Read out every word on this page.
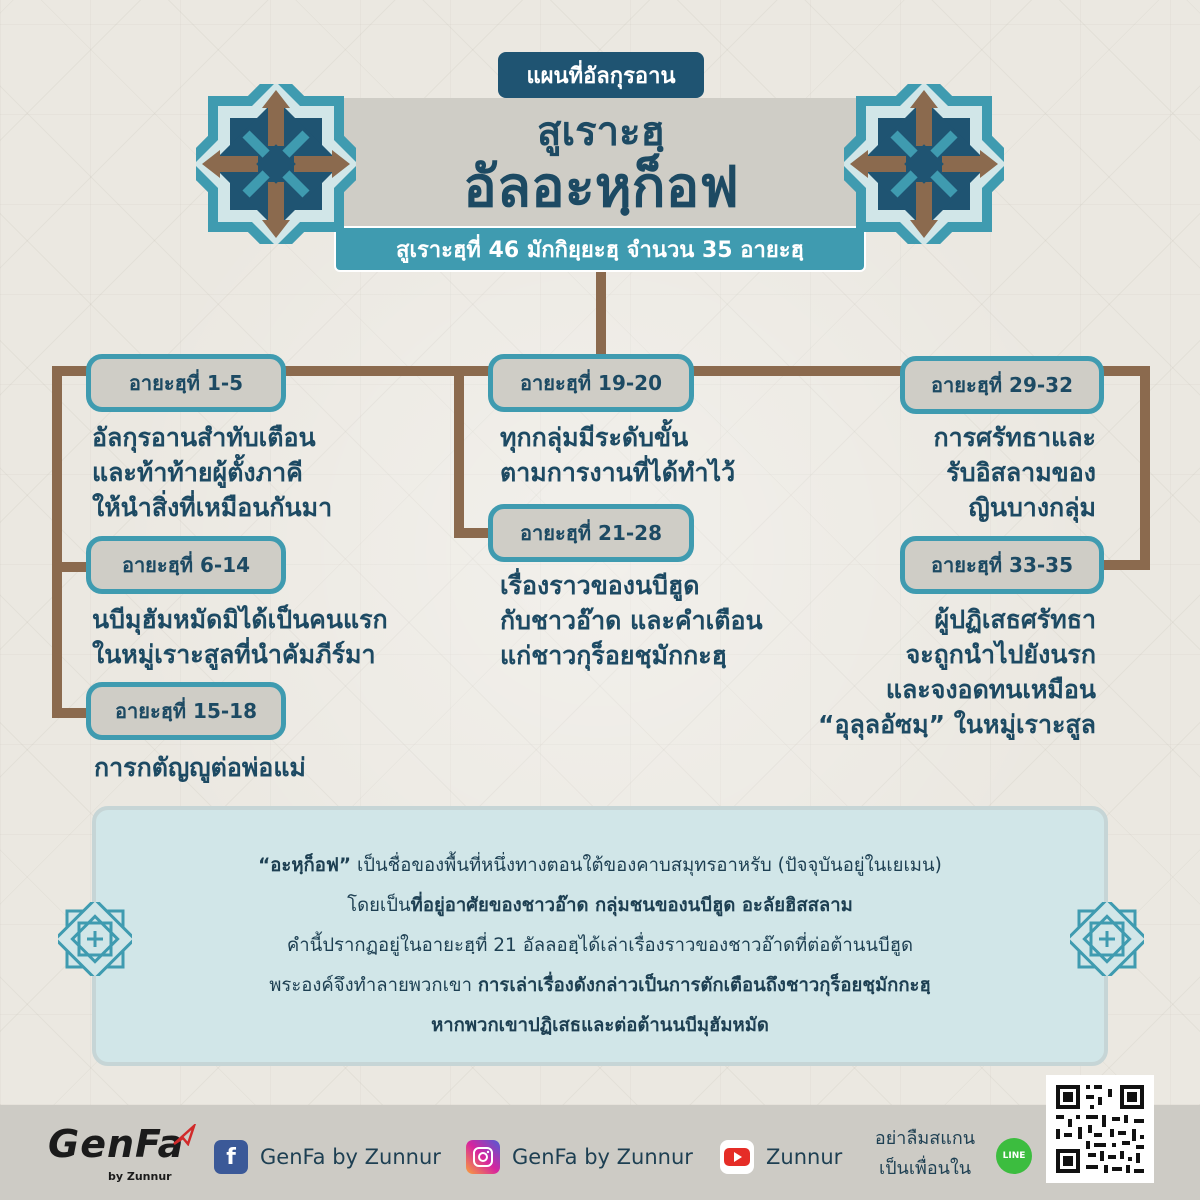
สูเราะฮฺ
อัลอะหฺก็อฟ
แผนที่อัลกุรอาน
สูเราะฮฺที่ 46 มักกิยฺยะฮฺ จำนวน 35 อายะฮฺ
อายะฮฺที่ 1-5
อัลกุรอานสำทับเตือน
และท้าท้ายผู้ตั้งภาคี
ให้นำสิ่งที่เหมือนกันมา
อายะฮฺที่ 6-14
นบีมุฮัมหมัดมิได้เป็นคนแรก
ในหมู่เราะสูลที่นำคัมภีร์มา
อายะฮฺที่ 15-18
การกตัญญูต่อพ่อแม่
อายะฮฺที่ 19-20
ทุกกลุ่มมีระดับขั้น
ตามการงานที่ได้ทำไว้
อายะฮฺที่ 21-28
เรื่องราวของนบีฮูด
กับชาวอ๊าด และคำเตือน
แก่ชาวกุร็อยชฺมักกะฮฺ
อายะฮฺที่ 29-32
การศรัทธาและ
รับอิสลามของ
ญินบางกลุ่ม
อายะฮฺที่ 33-35
ผู้ปฏิเสธศรัทธา
จะถูกนำไปยังนรก
และจงอดทนเหมือน
“อุลุลอัซมฺ” ในหมู่เราะสูล
“อะหฺก็อฟ” เป็นชื่อของพื้นที่หนึ่งทางตอนใต้ของคาบสมุทรอาหรับ (ปัจจุบันอยู่ในเยเมน)
โดยเป็นที่อยู่อาศัยของชาวอ๊าด กลุ่มชนของนบีฮูด อะลัยฮิสสลาม
คำนี้ปรากฏอยู่ในอายะฮฺที่ 21 อัลลอฮฺได้เล่าเรื่องราวของชาวอ๊าดที่ต่อต้านนบีฮูด
พระองค์จึงทำลายพวกเขา การเล่าเรื่องดังกล่าวเป็นการตักเตือนถึงชาวกุร็อยชฺมักกะฮฺ
หากพวกเขาปฏิเสธและต่อต้านนบีมุฮัมหมัด
GenFa
by Zunnur
f	GenFa by Zunnur	GenFa by Zunnur	Zunnur
อย่าลืมสแกน
เป็นเพื่อนใน
LINE
